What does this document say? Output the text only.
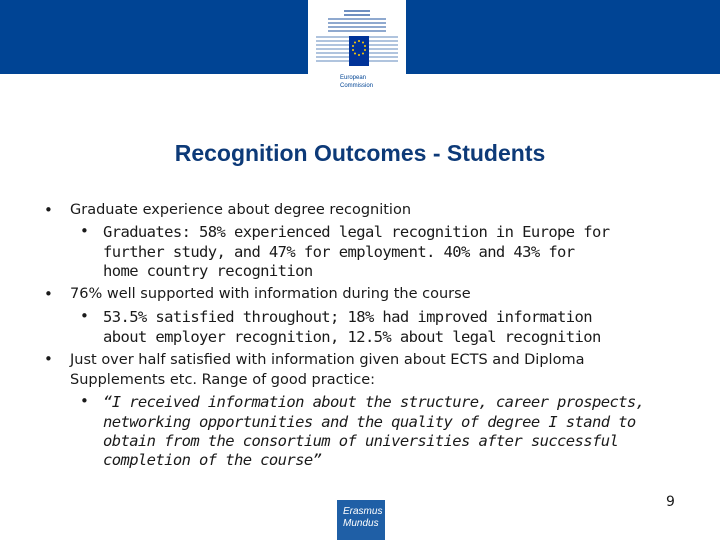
European
Commission
Recognition Outcomes - Students
• Graduate experience about degree recognition
• Graduates: 58% experienced legal recognition in Europe for
further study, and 47% for employment. 40% and 43% for
home country recognition
• 76% well supported with information during the course
• 53.5% satisfied throughout; 18% had improved information
about employer recognition, 12.5% about legal recognition
• Just over half satisfied with information given about ECTS and Diploma
Supplements etc. Range of good practice:
• “I received information about the structure, career prospects,
networking opportunities and the quality of degree I stand to
obtain from the consortium of universities after successful
completion of the course”
9
Erasmus
Mundus
